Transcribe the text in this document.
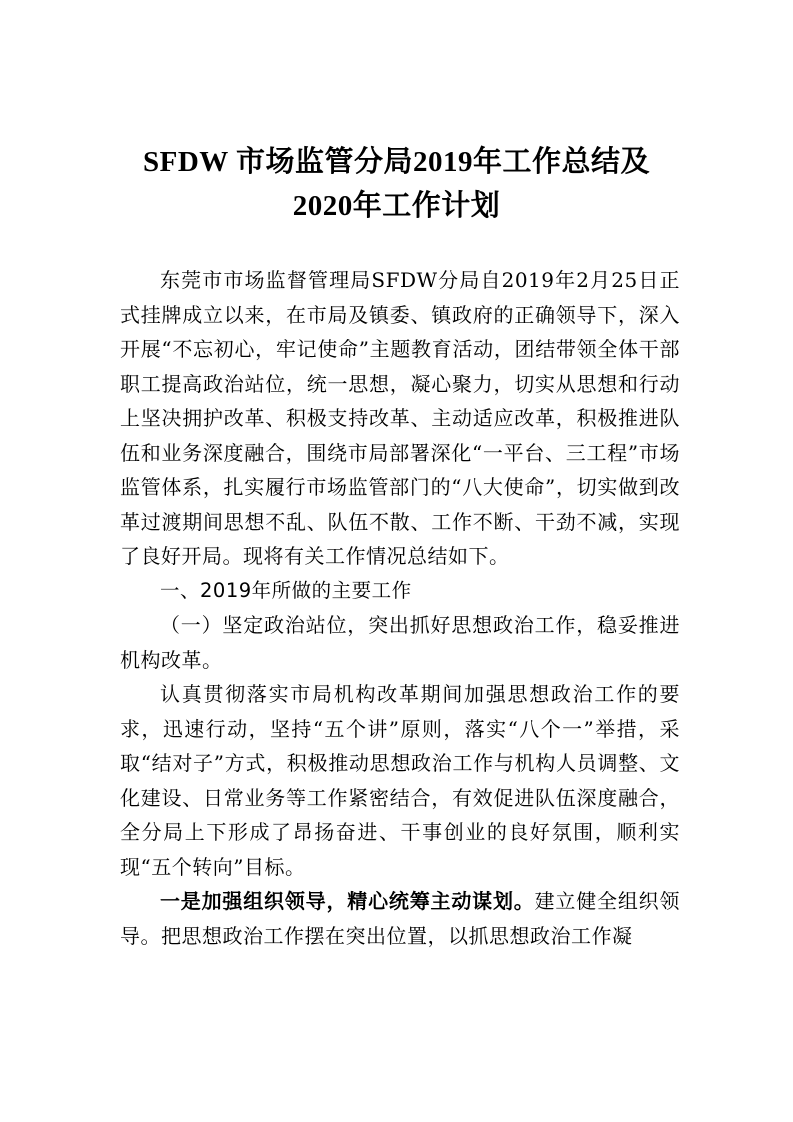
SFDW 市场监管分局2019年工作总结及
2020年工作计划

东莞市市场监督管理局SFDW分局自2019年2月25日正式挂牌成立以来，在市局及镇委、镇政府的正确领导下，深入开展“不忘初心，牢记使命”主题教育活动，团结带领全体干部职工提高政治站位，统一思想，凝心聚力，切实从思想和行动上坚决拥护改革、积极支持改革、主动适应改革，积极推进队伍和业务深度融合，围绕市局部署深化“一平台、三工程”市场监管体系，扎实履行市场监管部门的“八大使命”，切实做到改革过渡期间思想不乱、队伍不散、工作不断、干劲不减，实现了良好开局。现将有关工作情况总结如下。

一、2019年所做的主要工作

（一）坚定政治站位，突出抓好思想政治工作，稳妥推进机构改革。

认真贯彻落实市局机构改革期间加强思想政治工作的要求，迅速行动，坚持“五个讲”原则，落实“八个一”举措，采取“结对子”方式，积极推动思想政治工作与机构人员调整、文化建设、日常业务等工作紧密结合，有效促进队伍深度融合，全分局上下形成了昂扬奋进、干事创业的良好氛围，顺利实现“五个转向”目标。

一是加强组织领导，精心统筹主动谋划。建立健全组织领导。把思想政治工作摆在突出位置，以抓思想政治工作凝
